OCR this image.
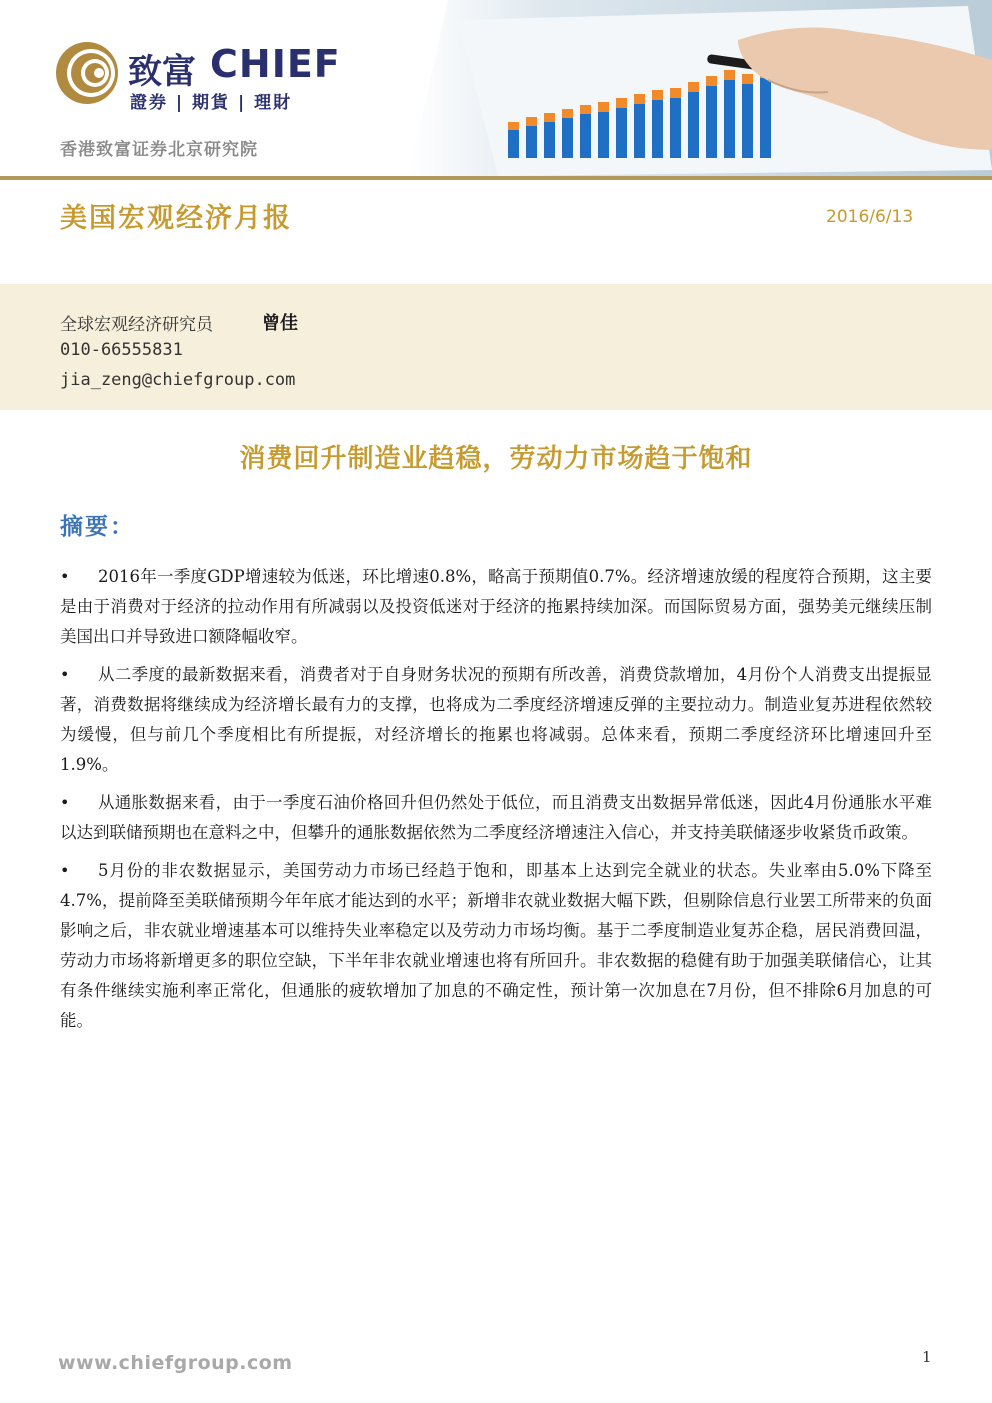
致富 CHIEF
證券 | 期貨 | 理財
香港致富证券北京研究院
美国宏观经济月报	2016/6/13
全球宏观经济研究员	曾佳
010-66555831
jia_zeng@chiefgroup.com
消费回升制造业趋稳，劳动力市场趋于饱和
摘要：
• 2016年一季度GDP增速较为低迷，环比增速0.8%，略高于预期值0.7%。经济增速放缓的程度符合预期，这主要是由于消费对于经济的拉动作用有所减弱以及投资低迷对于经济的拖累持续加深。而国际贸易方面，强势美元继续压制美国出口并导致进口额降幅收窄。
• 从二季度的最新数据来看，消费者对于自身财务状况的预期有所改善，消费贷款增加，4月份个人消费支出提振显著，消费数据将继续成为经济增长最有力的支撑，也将成为二季度经济增速反弹的主要拉动力。制造业复苏进程依然较为缓慢，但与前几个季度相比有所提振，对经济增长的拖累也将减弱。总体来看，预期二季度经济环比增速回升至1.9%。
• 从通胀数据来看，由于一季度石油价格回升但仍然处于低位，而且消费支出数据异常低迷，因此4月份通胀水平难以达到联储预期也在意料之中，但攀升的通胀数据依然为二季度经济增速注入信心，并支持美联储逐步收紧货币政策。
• 5月份的非农数据显示，美国劳动力市场已经趋于饱和，即基本上达到完全就业的状态。失业率由5.0%下降至4.7%，提前降至美联储预期今年年底才能达到的水平；新增非农就业数据大幅下跌，但剔除信息行业罢工所带来的负面影响之后，非农就业增速基本可以维持失业率稳定以及劳动力市场均衡。基于二季度制造业复苏企稳，居民消费回温，劳动力市场将新增更多的职位空缺，下半年非农就业增速也将有所回升。非农数据的稳健有助于加强美联储信心，让其有条件继续实施利率正常化，但通胀的疲软增加了加息的不确定性，预计第一次加息在7月份，但不排除6月加息的可能。
www.chiefgroup.com	1
